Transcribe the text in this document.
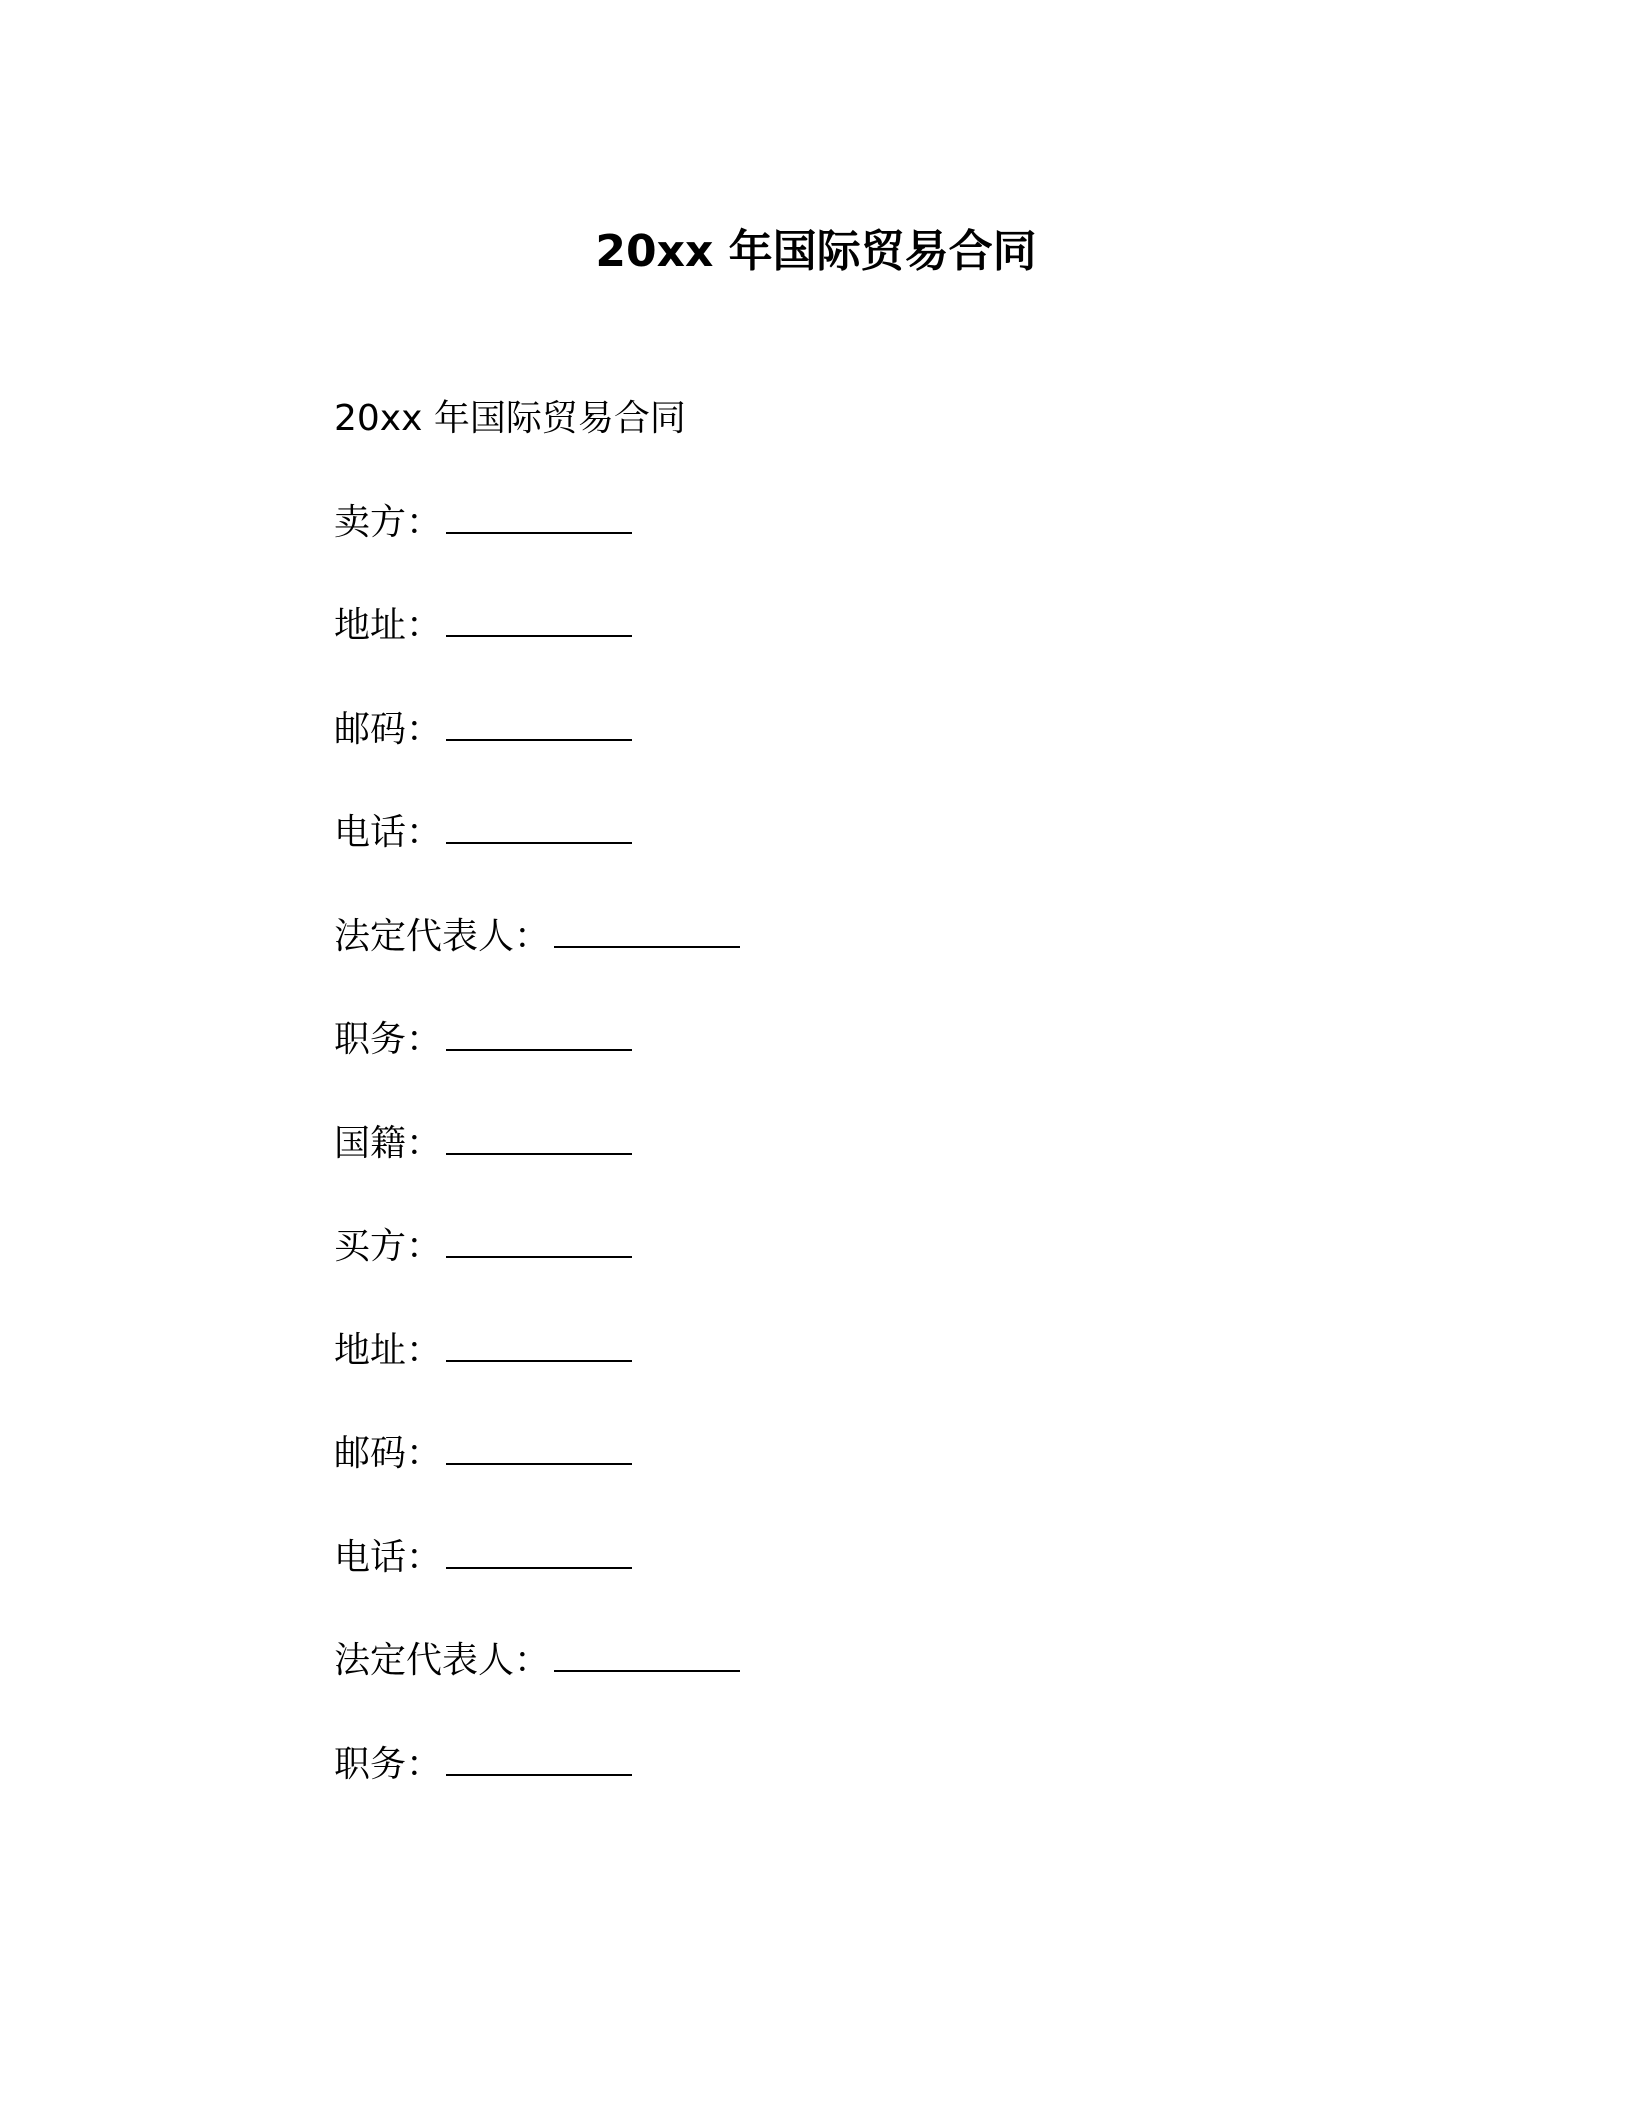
20xx 年国际贸易合同

20xx 年国际贸易合同

卖方：

地址：

邮码：

电话：

法定代表人：

职务：

国籍：

买方：

地址：

邮码：

电话：

法定代表人：

职务：
